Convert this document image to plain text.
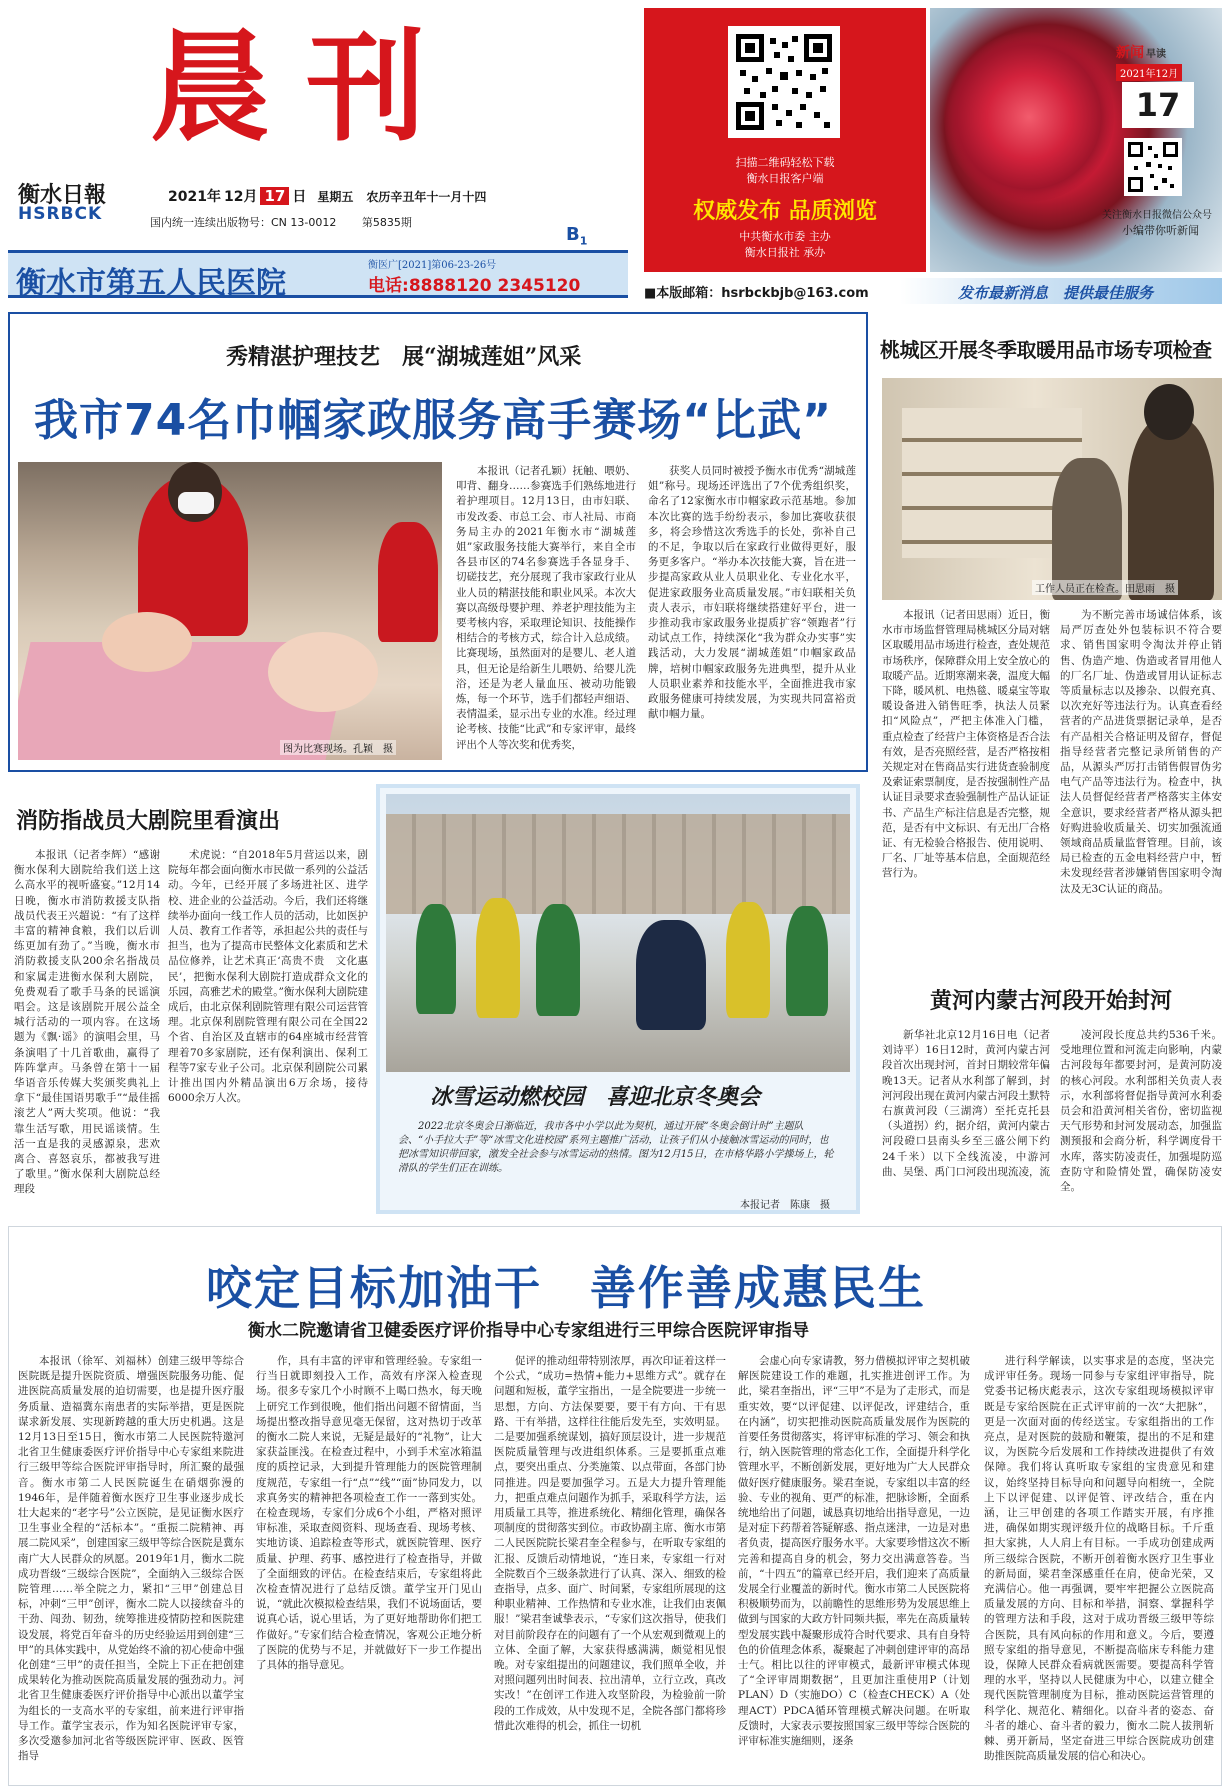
晨刊
衡水日報
HSRBCK
2021年 12月 17 日 星期五 农历辛丑年十一月十四
国内统一连续出版物号：CN 13-0012 第5835期
$B_1$
衡水市第五人民医院
衡医广[2021]第06-23-26号
电话:8888120 2345120
扫描二维码轻松下载
衡水日报客户端
权威发布 品质浏览
中共衡水市委 主办
衡水日报社 承办
新闻 早读
2021年12月
17
关注衡水日报微信公众号
小编带你听新闻
■本版邮箱：hsrbckbjb@163.com	发布最新消息　提供最佳服务
秀精湛护理技艺　展“湖城莲姐”风采
我市74名巾帼家政服务高手赛场“比武”
图为比赛现场。孔颖　摄

本报讯（记者孔颖）抚触、喂奶、叩背、翻身……参赛选手们熟练地进行着护理项目。12月13日，由市妇联、市发改委、市总工会、市人社局、市商务局主办的2021年衡水市“湖城莲姐”家政服务技能大赛举行，来自全市各县市区的74名参赛选手各显身手、切磋技艺，充分展现了我市家政行业从业人员的精湛技能和职业风采。本次大赛以高级母婴护理、养老护理技能为主要考核内容，采取理论知识、技能操作相结合的考核方式，综合计入总成绩。比赛现场，虽然面对的是婴儿、老人道具，但无论是给新生儿喂奶、给婴儿洗浴，还是为老人量血压、被动功能锻炼，每一个环节，选手们都轻声细语、表情温柔，显示出专业的水准。经过理论考核、技能“比武”和专家评审，最终评出个人等次奖和优秀奖，

获奖人员同时被授予衡水市优秀“湖城莲姐”称号。现场还评选出了7个优秀组织奖，命名了12家衡水市巾帼家政示范基地。参加本次比赛的选手纷纷表示，参加比赛收获很多，将会珍惜这次秀选手的长处，弥补自己的不足，争取以后在家政行业做得更好，服务更多客户。“举办本次技能大赛，旨在进一步提高家政从业人员职业化、专业化水平，促进家政服务业高质量发展。”市妇联相关负责人表示，市妇联将继续搭建好平台，进一步推动我市家政服务业提质扩容“领跑者”行动试点工作，持续深化“我为群众办实事”实践活动，大力发展“湖城莲姐”巾帼家政品牌，培树巾帼家政服务先进典型，提升从业人员职业素养和技能水平，全面推进我市家政服务健康可持续发展，为实现共同富裕贡献巾帼力量。

桃城区开展冬季取暖用品市场专项检查
工作人员正在检查。田思雨　摄

本报讯（记者田思雨）近日，衡水市市场监督管理局桃城区分局对辖区取暖用品市场进行检查，查处规范市场秩序，保障群众用上安全放心的取暖产品。近期寒潮来袭，温度大幅下降，暖风机、电热毯、暖桌宝等取暖设备进入销售旺季，执法人员紧扣“风险点”，严把主体准入门槛，重点检查了经营户主体资格是否合法有效，是否亮照经营，是否严格按相关规定对在售商品实行进货查验制度及索证索票制度，是否按强制性产品认证目录要求查验强制性产品认证证书、产品生产标注信息是否完整，规范，是否有中文标识、有无出厂合格证、有无检验合格报告、使用说明、厂名、厂址等基本信息，全面规范经营行为。

为不断完善市场诚信体系，该局严厉查处外包装标识不符合要求、销售国家明令淘汰并停止销售、伪造产地、伪造或者冒用他人的厂名厂址、伪造或冒用认证标志等质量标志以及掺杂、以假充真、以次充好等违法行为。认真查看经营者的产品进货票据记录单，是否有产品相关合格证明及留存，督促指导经营者完整记录所销售的产品，从源头严厉打击销售假冒伪劣电气产品等违法行为。检查中，执法人员督促经营者严格落实主体安全意识，要求经营者严格从源头把好购进验收质量关、切实加强流通领域商品质量监督管理。目前，该局已检查的五金电料经营户中，暂未发现经营者涉嫌销售国家明令淘汰及无3C认证的商品。

消防指战员大剧院里看演出

本报讯（记者李辉）“感谢衡水保利大剧院给我们送上这么高水平的视听盛宴。”12月14日晚，衡水市消防救援支队指战员代表王兴超说：“有了这样丰富的精神食粮，我们以后训练更加有劲了。”当晚，衡水市消防救援支队200余名指战员和家属走进衡水保利大剧院，免费观看了歌手马条的民谣演唱会。这是该剧院开展公益全城行活动的一项内容。在这场题为《飘·谣》的演唱会里，马条演唱了十几首歌曲，赢得了阵阵掌声。马条曾在第十一届华语音乐传媒大奖颁奖典礼上拿下“最佳国语男歌手”“最佳摇滚艺人”两大奖项。他说：“我靠生活写歌，用民谣谈情。生活一直是我的灵感源泉，悲欢离合、喜怒哀乐，都被我写进了歌里。”衡水保利大剧院总经理段

术虎说：“自2018年5月营运以来，剧院每年都会面向衡水市民做一系列的公益活动。今年，已经开展了多场进社区、进学校、进企业的公益活动。今后，我们还将继续举办面向一线工作人员的活动，比如医护人员、教育工作者等，承担起公共的责任与担当，也为了提高市民整体文化素质和艺术品位修养，让艺术真正‘高贵不贵　文化惠民’，把衡水保利大剧院打造成群众文化的乐园，高雅艺术的殿堂。”衡水保利大剧院建成后，由北京保利剧院管理有限公司运营管理。北京保利剧院管理有限公司在全国22个省、自治区及直辖市的64座城市经营管理着70多家剧院，还有保利演出、保利工程等7家专业子公司。北京保利剧院公司累计推出国内外精品演出6万余场，接待6000余万人次。	冰雪运动燃校园　喜迎北京冬奥会
2022北京冬奥会日渐临近，我市各中小学以此为契机，通过开展“冬奥会倒计时”主题队会、“小手拉大手”等“冰雪文化进校园”系列主题推广活动，让孩子们从小接触冰雪运动的同时，也把冰雪知识带回家，激发全社会参与冰雪运动的热情。图为12月15日，在市格华路小学操场上，轮滑队的学生们正在训练。
本报记者　陈康　摄
黄河内蒙古河段开始封河

新华社北京12月16日电（记者刘诗平）16日12时，黄河内蒙古河段首次出现封河，首封日期较常年偏晚13天。记者从水利部了解到，封河河段出现在黄河内蒙古河段土默特右旗黄河段（三湖湾）至托克托县（头道拐）约，据介绍，黄河内蒙古河段磴口县南头乡至三盛公闸下约24千米）以下全线流凌，中游河曲、吴堡、禹门口河段出现流凌，流

凌河段长度总共约536千米。受地理位置和河流走向影响，内蒙古河段每年都要封河，是黄河防凌的核心河段。水利部相关负责人表示，水利部将督促指导黄河水利委员会和沿黄河相关省份，密切监视天气形势和封河发展动态，加强监测预报和会商分析，科学调度骨干水库，落实防凌责任，加强堤防巡查防守和险情处置，确保防凌安全。

咬定目标加油干　善作善成惠民生
衡水二院邀请省卫健委医疗评价指导中心专家组进行三甲综合医院评审指导

本报讯（徐军、刘福林）创建三级甲等综合医院既是提升医院资质、增强医院服务功能、促进医院高质量发展的迫切需要，也是提升医疗服务质量、造福冀东南患者的实际举措，更是医院谋求新发展、实现新跨越的重大历史机遇。这是12月13日至15日，衡水市第二人民医院特邀河北省卫生健康委医疗评价指导中心专家组来院进行三级甲等综合医院评审指导时，所汇聚的最强音。衡水市第二人民医院诞生在硝烟弥漫的1946年，是伴随着衡水医疗卫生事业逐步成长壮大起来的“老字号”公立医院，是见证衡水医疗卫生事业全程的“活标本”。“重振二院精神、再展二院风采”，创建国家三级甲等综合医院是冀东南广大人民群众的夙愿。2019年1月，衡水二院成功晋级“三级综合医院”，全面纳入三级综合医院管理……举全院之力，紧扣“三甲”创建总目标，冲刺“三甲”创评，衡水二院人以接续奋斗的干劲、闯劲、韧劲，统筹推进疫情防控和医院建设发展，将党百年奋斗的历史经验运用到创建“三甲”的具体实践中，从党始终不渝的初心使命中强化创建“三甲”的责任担当，全院上下正在把创建成果转化为推动医院高质量发展的强劲动力。河北省卫生健康委医疗评价指导中心派出以董学宝为组长的一支高水平的专家组，前来进行评审指导工作。董学宝表示，作为知名医院评审专家，多次受邀参加河北省等级医院评审、医政、医管指导

作，具有丰富的评审和管理经验。专家组一行当日就即刻投入工作，高效有序深入检查现场。很多专家几个小时顾不上喝口热水，每天晚上研究工作到很晚，他们指出问题不留情面，当场提出整改指导意见毫无保留，这对热切于改革的衡水二院人来说，无疑是最好的“礼物”，让大家获益匪浅。在检查过程中，小到手术室冰箱温度的质控记录，大到提升管理能力的医院管理制度规范，专家组一行“点”“线”“面”协同发力，以求真务实的精神把各项检查工作一一落到实处。在检查现场，专家们分成6个小组，严格对照评审标准，采取查阅资料、现场查看、现场考核、实地访谈、追踪检查等形式，就医院管理、医疗质量、护理、药事、感控进行了检查指导，并做了全面细致的评估。在检查结束后，专家组将此次检查情况进行了总结反馈。董学宝开门见山说，“就此次模拟检查结果，我们不说场面话，要说真心话，说心里话，为了更好地帮助你们把工作做好。”专家们结合检查情况，客观公正地分析了医院的优势与不足，并就做好下一步工作提出了具体的指导意见。

促评的推动纽带特别浓厚，再次印证着这样一个公式，“成功=热情+能力+思维方式”。就存在问题和短板，董学宝指出，一是全院要进一步统一思想，方向、方法保要要，要干有方向、干有思路、干有举措，这样往往能后发先至，实效明显。二是要加强系统谋划，搞好顶层设计，进一步规范医院质量管理与改进组织体系。三是要抓重点难点，要突出重点、分类施策、以点带面，各部门协同推进。四是要加强学习。五是大力提升管理能力，把重点难点问题作为抓手，采取科学方法，运用质量工具等，推进系统化、精细化管理，确保各项制度的贯彻落实到位。市政协副主席、衡水市第二人民医院院长梁君奎全程参与，在听取专家组的汇报、反馈后动情地说，“连日来，专家组一行对全院数百个三级条款进行了认真、深入、细致的检查指导，点多、面广、时间紧，专家组所展现的这种职业精神、工作热情和专业水准，让我们由衷佩服！”梁君奎诚挚表示，“专家们这次指导，使我们对目前阶段存在的问题有了一个从宏观到微观上的立体、全面了解，大家获得感满满，颇觉相见恨晚。对专家组提出的问题建议，我们照单全收，并对照问题列出时间表、拉出清单，立行立改，真改实改！”在创评工作进入攻坚阶段，为检验前一阶段的工作成效，从中发现不足，全院各部门都将珍惜此次难得的机会，抓住一切机

会虚心向专家请教，努力借模拟评审之契机破解医院建设工作的难题，扎实推进创评工作。为此，梁君奎指出，评“三甲”不是为了走形式，而是重实效，要“以评促建、以评促改，评建结合，重在内涵”，切实把推动医院高质量发展作为医院的首要任务贯彻落实，将评审标准的学习、领会和执行，纳入医院管理的常态化工作，全面提升科学化管理水平，不断创新发展，更好地为广大人民群众做好医疗健康服务。梁君奎说，专家组以丰富的经验、专业的视角、更严的标准，把脉诊断，全面系统地给出了问题，诚恳真切地给出指导意见，一边是对症下药帮着答疑解惑、指点迷津，一边是对患者负责，提高医疗服务水平。大家要珍惜这次不断完善和提高自身的机会，努力交出满意答卷。当前，“十四五”的篇章已经开启，我们迎来了高质量发展全行业覆盖的新时代。衡水市第二人民医院将积极顺势而为，以前瞻性的思维形势为发展思维上做到与国家的大政方针同频共振，率先在高质量转型发展实践中凝聚形成符合时代要求、具有自身特色的价值理念体系，凝聚起了冲刺创建评审的高昂士气。相比以往的评审模式，最新评审模式体现了“全评审周期数据”，且更加注重使用P（计划PLAN）D（实施DO）C（检查CHECK）A（处理ACT）PDCA循环管理模式解决问题。在听取反馈时，大家表示要按照国家三级甲等综合医院的评审标准实施细则，逐条

进行科学解读，以实事求是的态度，坚决完成评审任务。现场一同参与专家组评审指导，院党委书记杨庆彪表示，这次专家组现场模拟评审既是专家给医院在正式评审前的一次“大把脉”，更是一次面对面的传经送宝。专家组指出的工作亮点，是对医院的鼓励和鞭策，提出的不足和建议，为医院今后发展和工作持续改进提供了有效保障。我们将认真听取专家组的宝贵意见和建议，始终坚持目标导向和问题导向相统一，全院上下以评促建、以评促管、评改结合，重在内涵，让三甲创建的各项工作踏实开展，有序推进，确保如期实现评级升位的战略目标。千斤重担大家挑，人人肩上有目标。一手成功创建成两所三级综合医院，不断开创着衡水医疗卫生事业的新局面，梁君奎深感重任在肩，使命光荣，又充满信心。他一再强调，要牢牢把握公立医院高质量发展的方向、目标和举措，洞察、掌握科学的管理方法和手段，这对于成功晋级三级甲等综合医院，具有风向标的作用和意义。今后，要遵照专家组的指导意见，不断提高临床专科能力建设，保障人民群众看病就医需要。要提高科学管理的水平，坚持以人民健康为中心，以建立健全现代医院管理制度为目标，推动医院运营管理的科学化、规范化、精细化。以奋斗者的姿态、奋斗者的雄心、奋斗者的毅力，衡水二院人拔荆斩棘、勇开新局，坚定奋进三甲综合医院成功创建助推医院高质量发展的信心和决心。
